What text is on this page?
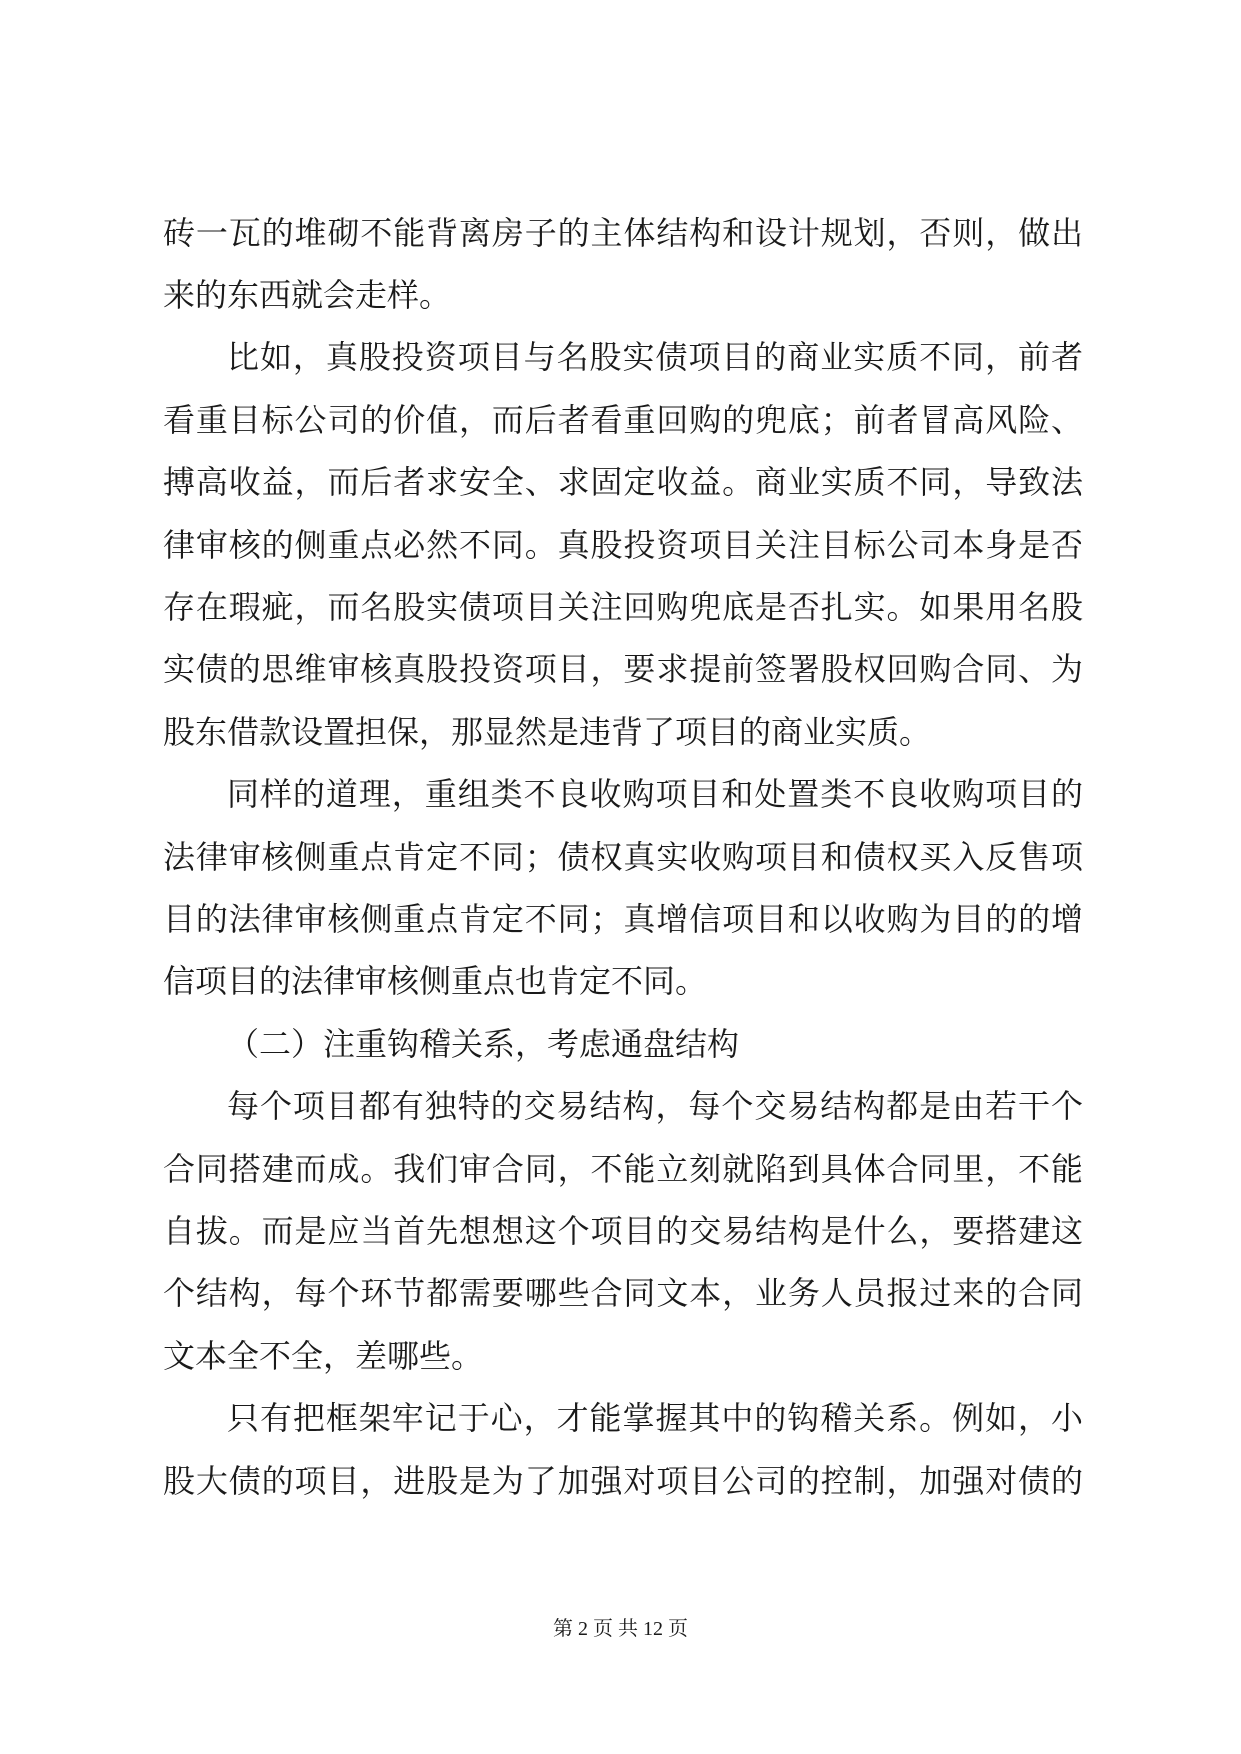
砖一瓦的堆砌不能背离房子的主体结构和设计规划，否则，做出
来的东西就会走样。
比如，真股投资项目与名股实债项目的商业实质不同，前者
看重目标公司的价值，而后者看重回购的兜底；前者冒高风险、
搏高收益，而后者求安全、求固定收益。商业实质不同，导致法
律审核的侧重点必然不同。真股投资项目关注目标公司本身是否
存在瑕疵，而名股实债项目关注回购兜底是否扎实。如果用名股
实债的思维审核真股投资项目，要求提前签署股权回购合同、为
股东借款设置担保，那显然是违背了项目的商业实质。
同样的道理，重组类不良收购项目和处置类不良收购项目的
法律审核侧重点肯定不同；债权真实收购项目和债权买入反售项
目的法律审核侧重点肯定不同；真增信项目和以收购为目的的增
信项目的法律审核侧重点也肯定不同。
（二）注重钩稽关系，考虑通盘结构
每个项目都有独特的交易结构，每个交易结构都是由若干个
合同搭建而成。我们审合同，不能立刻就陷到具体合同里，不能
自拔。而是应当首先想想这个项目的交易结构是什么，要搭建这
个结构，每个环节都需要哪些合同文本，业务人员报过来的合同
文本全不全，差哪些。
只有把框架牢记于心，才能掌握其中的钩稽关系。例如，小
股大债的项目，进股是为了加强对项目公司的控制，加强对债的
第 2 页 共 12 页
